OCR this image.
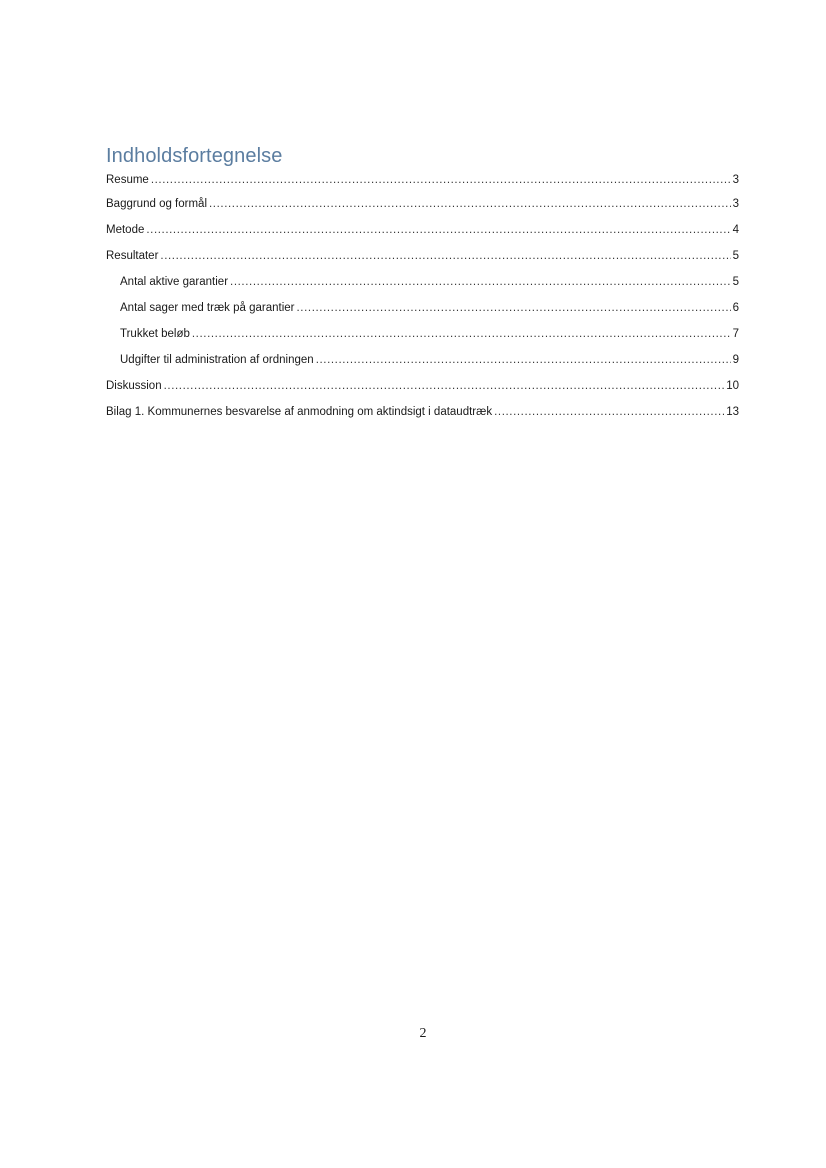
Indholdsfortegnelse
Resume .....	3
Baggrund og formål .....	3
Metode .....	4
Resultater .....	5
Antal aktive garantier .....	5
Antal sager med træk på garantier .....	6
Trukket beløb .....	7
Udgifter til administration af ordningen .....	9
Diskussion .....	10
Bilag 1. Kommunernes besvarelse af anmodning om aktindsigt i dataudtræk .....	13
2
